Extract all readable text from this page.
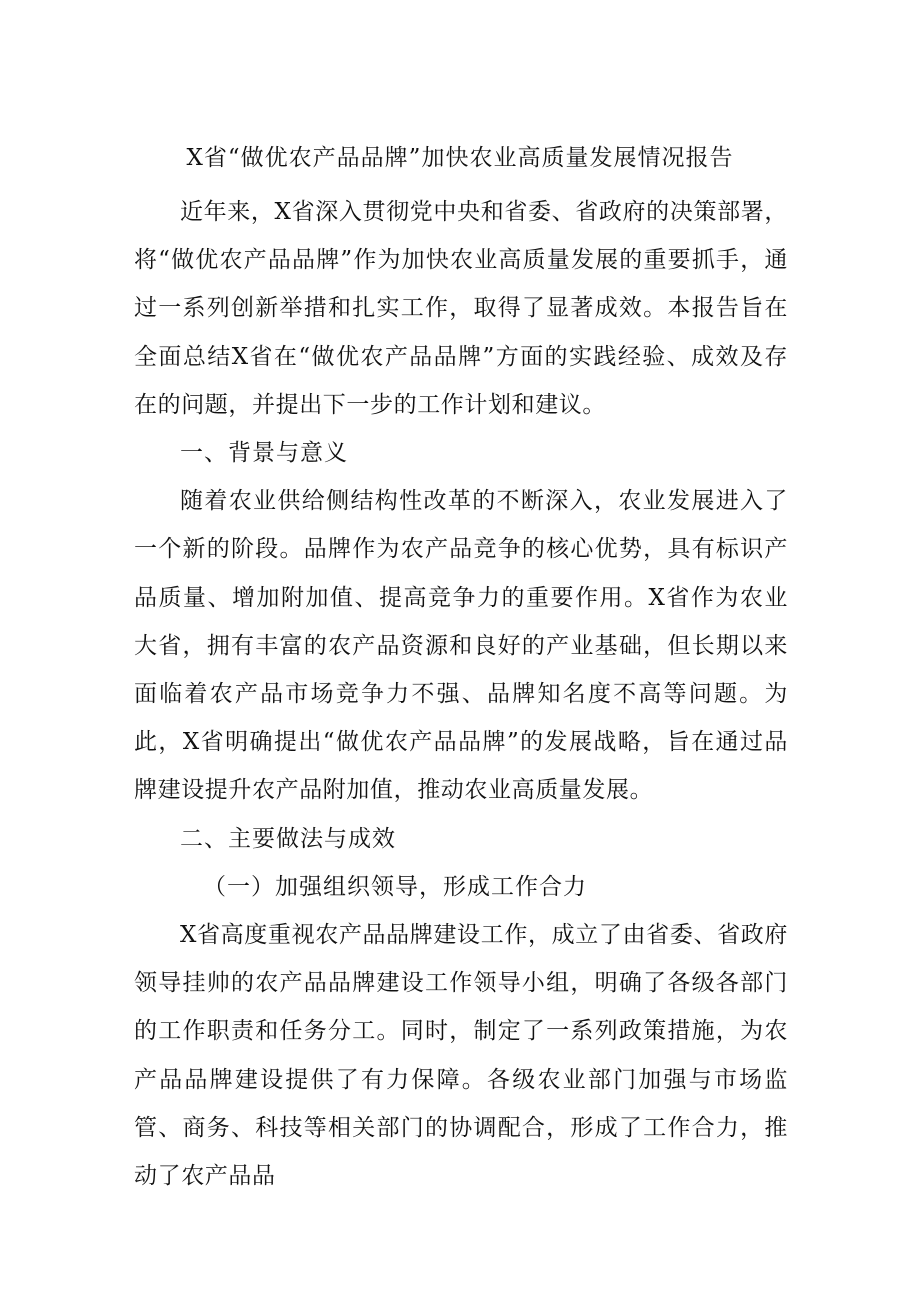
X省“做优农产品品牌”加快农业高质量发展情况报告

近年来，X省深入贯彻党中央和省委、省政府的决策部署，将“做优农产品品牌”作为加快农业高质量发展的重要抓手，通过一系列创新举措和扎实工作，取得了显著成效。本报告旨在全面总结X省在“做优农产品品牌”方面的实践经验、成效及存在的问题，并提出下一步的工作计划和建议。

一、背景与意义

随着农业供给侧结构性改革的不断深入，农业发展进入了一个新的阶段。品牌作为农产品竞争的核心优势，具有标识产品质量、增加附加值、提高竞争力的重要作用。X省作为农业大省，拥有丰富的农产品资源和良好的产业基础，但长期以来面临着农产品市场竞争力不强、品牌知名度不高等问题。为此，X省明确提出“做优农产品品牌”的发展战略，旨在通过品牌建设提升农产品附加值，推动农业高质量发展。

二、主要做法与成效

（一）加强组织领导，形成工作合力

X省高度重视农产品品牌建设工作，成立了由省委、省政府领导挂帅的农产品品牌建设工作领导小组，明确了各级各部门的工作职责和任务分工。同时，制定了一系列政策措施，为农产品品牌建设提供了有力保障。各级农业部门加强与市场监管、商务、科技等相关部门的协调配合，形成了工作合力，推动了农产品品
